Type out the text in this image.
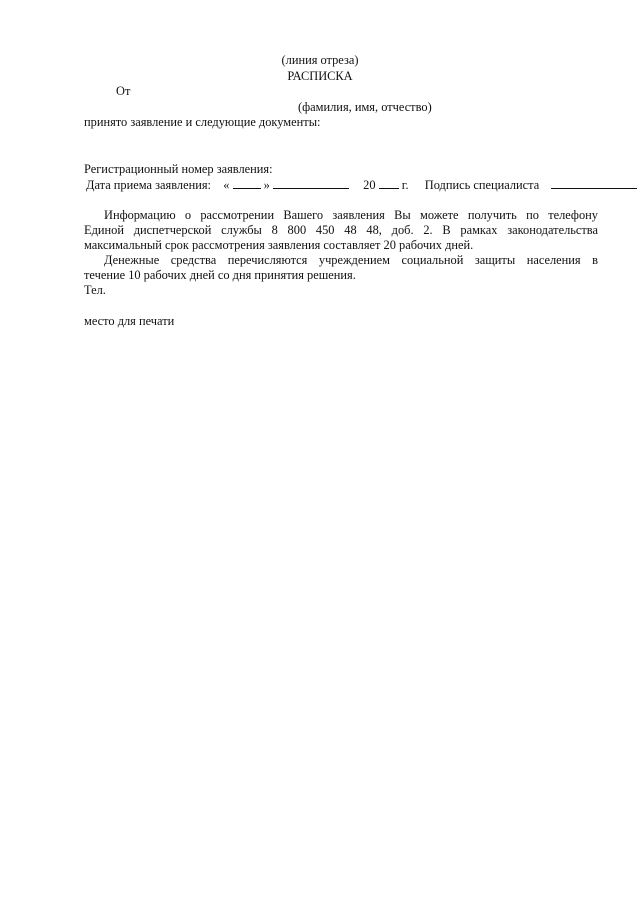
(линия отреза)
РАСПИСКА
От
(фамилия, имя, отчество)
принято заявление и следующие документы:
Регистрационный номер заявления:
Дата приема заявления: «	»	20 г. Подпись специалиста
Информацию о рассмотрении Вашего заявления Вы можете получить по телефону
Единой диспетчерской службы 8 800 450 48 48, доб. 2. В рамках законодательства
максимальный срок рассмотрения заявления составляет 20 рабочих дней.
Денежные средства перечисляются учреждением социальной защиты населения в
течение 10 рабочих дней со дня принятия решения.
Тел.
место для печати
